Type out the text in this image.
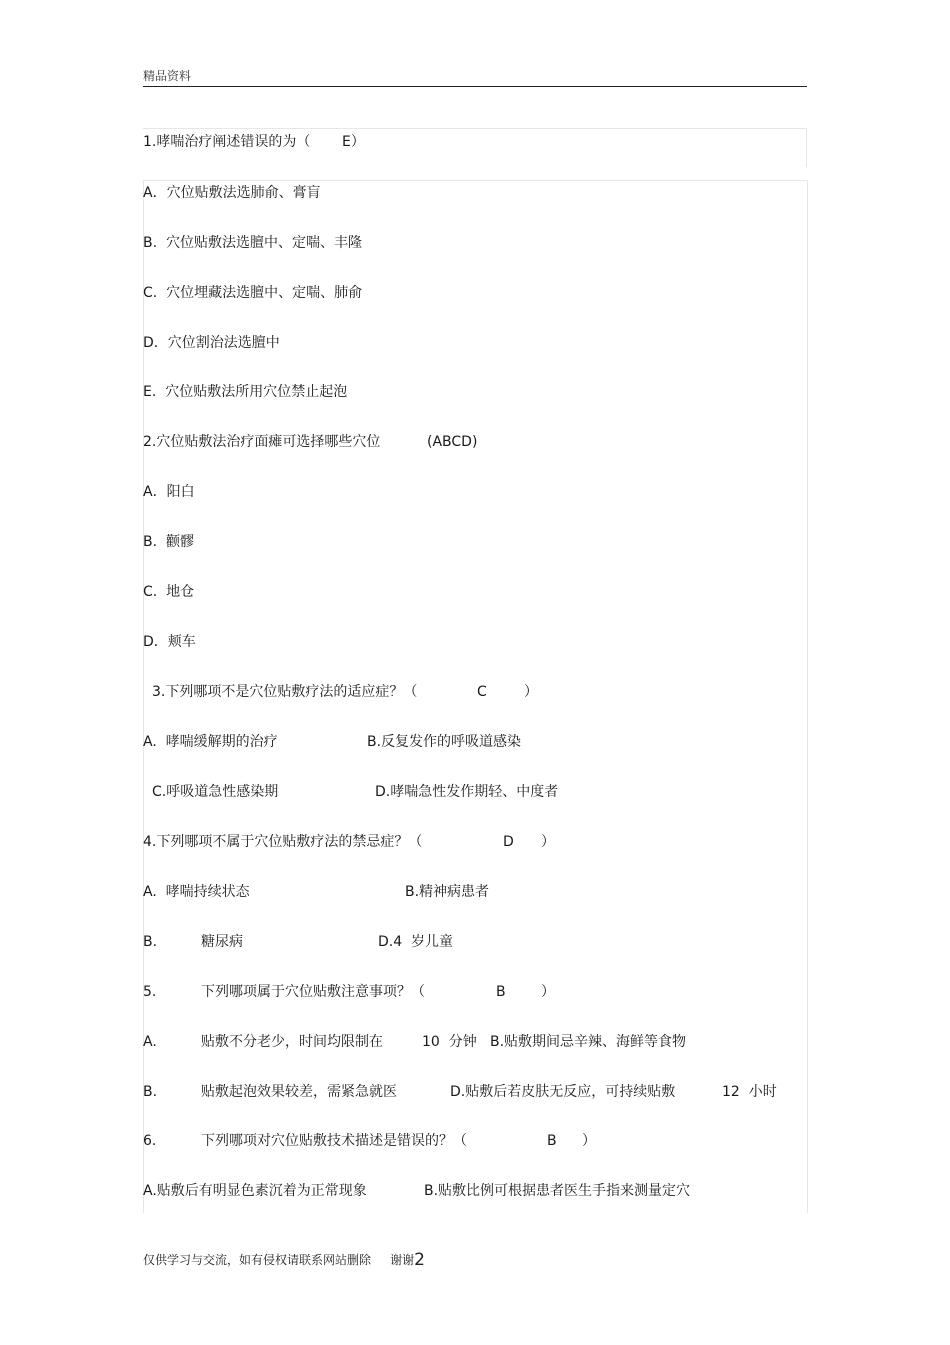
精品资料
1.哮喘治疗阐述错误的为（ E）
A．穴位贴敷法选肺俞、膏肓
B.  穴位贴敷法选膻中、定喘、丰隆
C.  穴位埋藏法选膻中、定喘、肺俞
D．穴位割治法选膻中
E.  穴位贴敷法所用穴位禁止起泡
2.穴位贴敷法治疗面瘫可选择哪些穴位	(ABCD)
A．阳白
B.  颧髎
C.  地仓
D．颊车
3.下列哪项不是穴位贴敷疗法的适应症？（	C	）
A.  哮喘缓解期的治疗	B.反复发作的呼吸道感染
C.呼吸道急性感染期	D.哮喘急性发作期轻、中度者
4.下列哪项不属于穴位贴敷疗法的禁忌症？（	D ）
A.  哮喘持续状态	B.精神病患者
B.	糖尿病	D.4  岁儿童
5.	下列哪项属于穴位贴敷注意事项？（	B	）
A.	贴敷不分老少，时间均限制在	10  分钟 B.贴敷期间忌辛辣、海鲜等食物
B.	贴敷起泡效果较差，需紧急就医	D.贴敷后若皮肤无反应，可持续贴敷	12  小时
6.	下列哪项对穴位贴敷技术描述是错误的？（	B ）
A.贴敷后有明显色素沉着为正常现象	B.贴敷比例可根据患者医生手指来测量定穴
仅供学习与交流，如有侵权请联系网站删除 谢谢2
